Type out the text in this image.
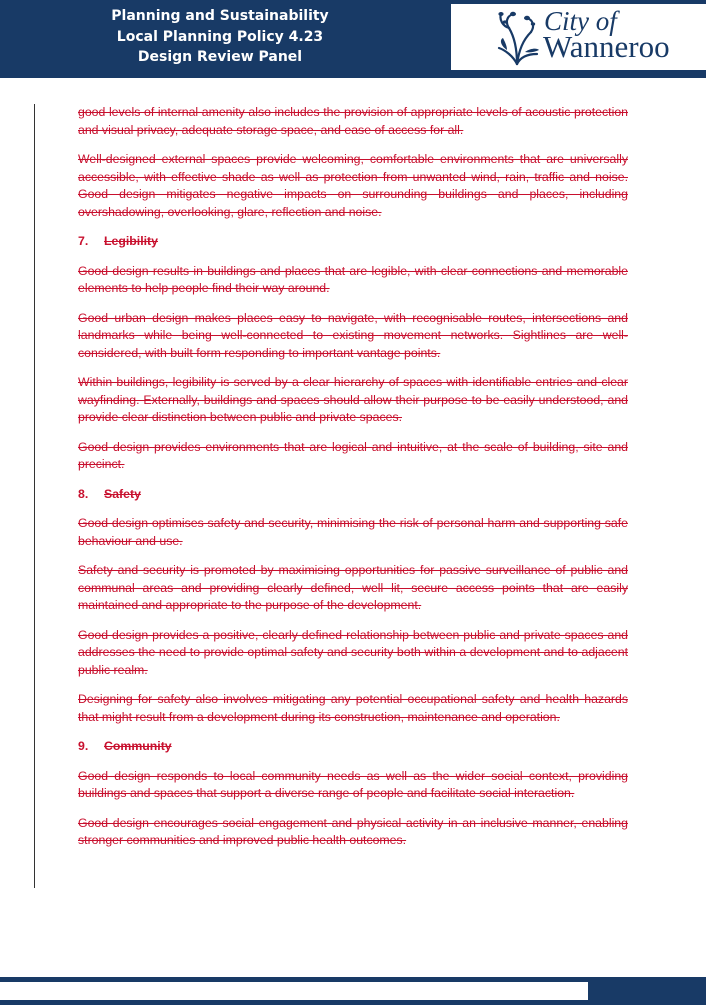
Planning and Sustainability
Local Planning Policy 4.23
Design Review Panel
City of
Wanneroo

good levels of internal amenity also includes the provision of appropriate levels of acoustic protection and visual privacy, adequate storage space, and ease of access for all.

Well-designed external spaces provide welcoming, comfortable environments that are universally accessible, with effective shade as well as protection from unwanted wind, rain, traffic and noise. Good design mitigates negative impacts on surrounding buildings and places, including overshadowing, overlooking, glare, reflection and noise.

7. Legibility

Good design results in buildings and places that are legible, with clear connections and memorable elements to help people find their way around.

Good urban design makes places easy to navigate, with recognisable routes, intersections and landmarks while being well-connected to existing movement networks. Sightlines are well-considered, with built form responding to important vantage points.

Within buildings, legibility is served by a clear hierarchy of spaces with identifiable entries and clear wayfinding. Externally, buildings and spaces should allow their purpose to be easily understood, and provide clear distinction between public and private spaces.

Good design provides environments that are logical and intuitive, at the scale of building, site and precinct.

8. Safety

Good design optimises safety and security, minimising the risk of personal harm and supporting safe behaviour and use.

Safety and security is promoted by maximising opportunities for passive surveillance of public and communal areas and providing clearly defined, well lit, secure access points that are easily maintained and appropriate to the purpose of the development.

Good design provides a positive, clearly defined relationship between public and private spaces and addresses the need to provide optimal safety and security both within a development and to adjacent public realm.

Designing for safety also involves mitigating any potential occupational safety and health hazards that might result from a development during its construction, maintenance and operation.

9. Community

Good design responds to local community needs as well as the wider social context, providing buildings and spaces that support a diverse range of people and facilitate social interaction.

Good design encourages social engagement and physical activity in an inclusive manner, enabling stronger communities and improved public health outcomes.
